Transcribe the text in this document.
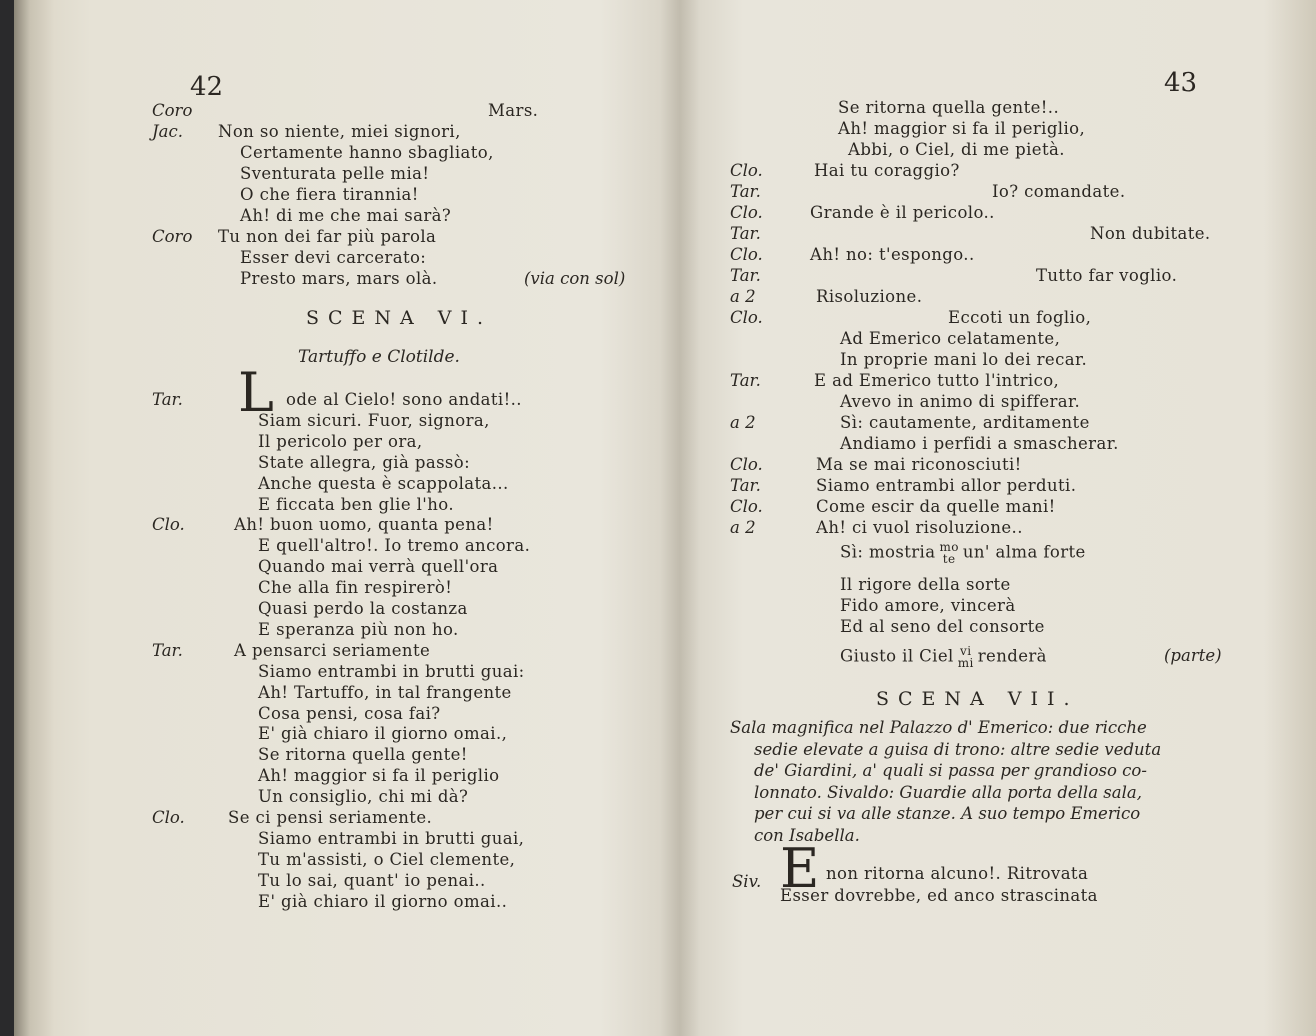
42
Coro	Mars.
Jac. Non so niente, miei signori,
Certamente hanno sbagliato,
Sventurata pelle mia!
O che fiera tirannia!
Ah! di me che mai sarà?
Coro Tu non dei far più parola
Esser devi carcerato:
Presto mars, mars olà.	(via con sol)
SCENA VI.
Tartuffo e Clotilde.
L
Tar.	ode al Cielo! sono andati!..
Siam sicuri. Fuor, signora,
Il pericolo per ora,
State allegra, già passò:
Anche questa è scappolata...
E ficcata ben glie l'ho.
Clo.	Ah! buon uomo, quanta pena!
E quell'altro!. Io tremo ancora.
Quando mai verrà quell'ora
Che alla fin respirerò!
Quasi perdo la costanza
E speranza più non ho.
Tar.	A pensarci seriamente
Siamo entrambi in brutti guai:
Ah! Tartuffo, in tal frangente
Cosa pensi, cosa fai?
E' già chiaro il giorno omai.,
Se ritorna quella gente!
Ah! maggior si fa il periglio
Un consiglio, chi mi dà?
Clo.	Se ci pensi seriamente.
Siamo entrambi in brutti guai,
Tu m'assisti, o Ciel clemente,
Tu lo sai, quant' io penai..
E' già chiaro il giorno omai..
43
Se ritorna quella gente!..
Ah! maggior si fa il periglio,
Abbi, o Ciel, di me pietà.
Clo.	Hai tu coraggio?
Tar.	Io? comandate.
Clo.	Grande è il pericolo..
Tar.	Non dubitate.
Clo.	Ah! no: t'espongo..
Tar.	Tutto far voglio.
a 2	Risoluzione.
Clo.	Eccoti un foglio,
Ad Emerico celatamente,
In proprie mani lo dei recar.
Tar.	E ad Emerico tutto l'intrico,
Avevo in animo di spifferar.
a 2	Sì: cautamente, arditamente
Andiamo i perfidi a smascherar.
Clo.	Ma se mai riconosciuti!
Tar.	Siamo entrambi allor perduti.
Clo.	Come escir da quelle mani!
a 2	Ah! ci vuol risoluzione..
Sì: mostria mo
te un' alma forte
Il rigore della sorte
Fido amore, vincerà
Ed al seno del consorte
Giusto il Ciel vi
mi renderà	(parte)
SCENA VII.
Sala magnifica nel Palazzo d' Emerico: due ricche
sedie elevate a guisa di trono: altre sedie veduta
de' Giardini, a' quali si passa per grandioso co-
lonnato. Sivaldo: Guardie alla porta della sala,
per cui si va alle stanze. A suo tempo Emerico
con Isabella.
Siv. E non ritorna alcuno!. Ritrovata
Esser dovrebbe, ed anco strascinata
